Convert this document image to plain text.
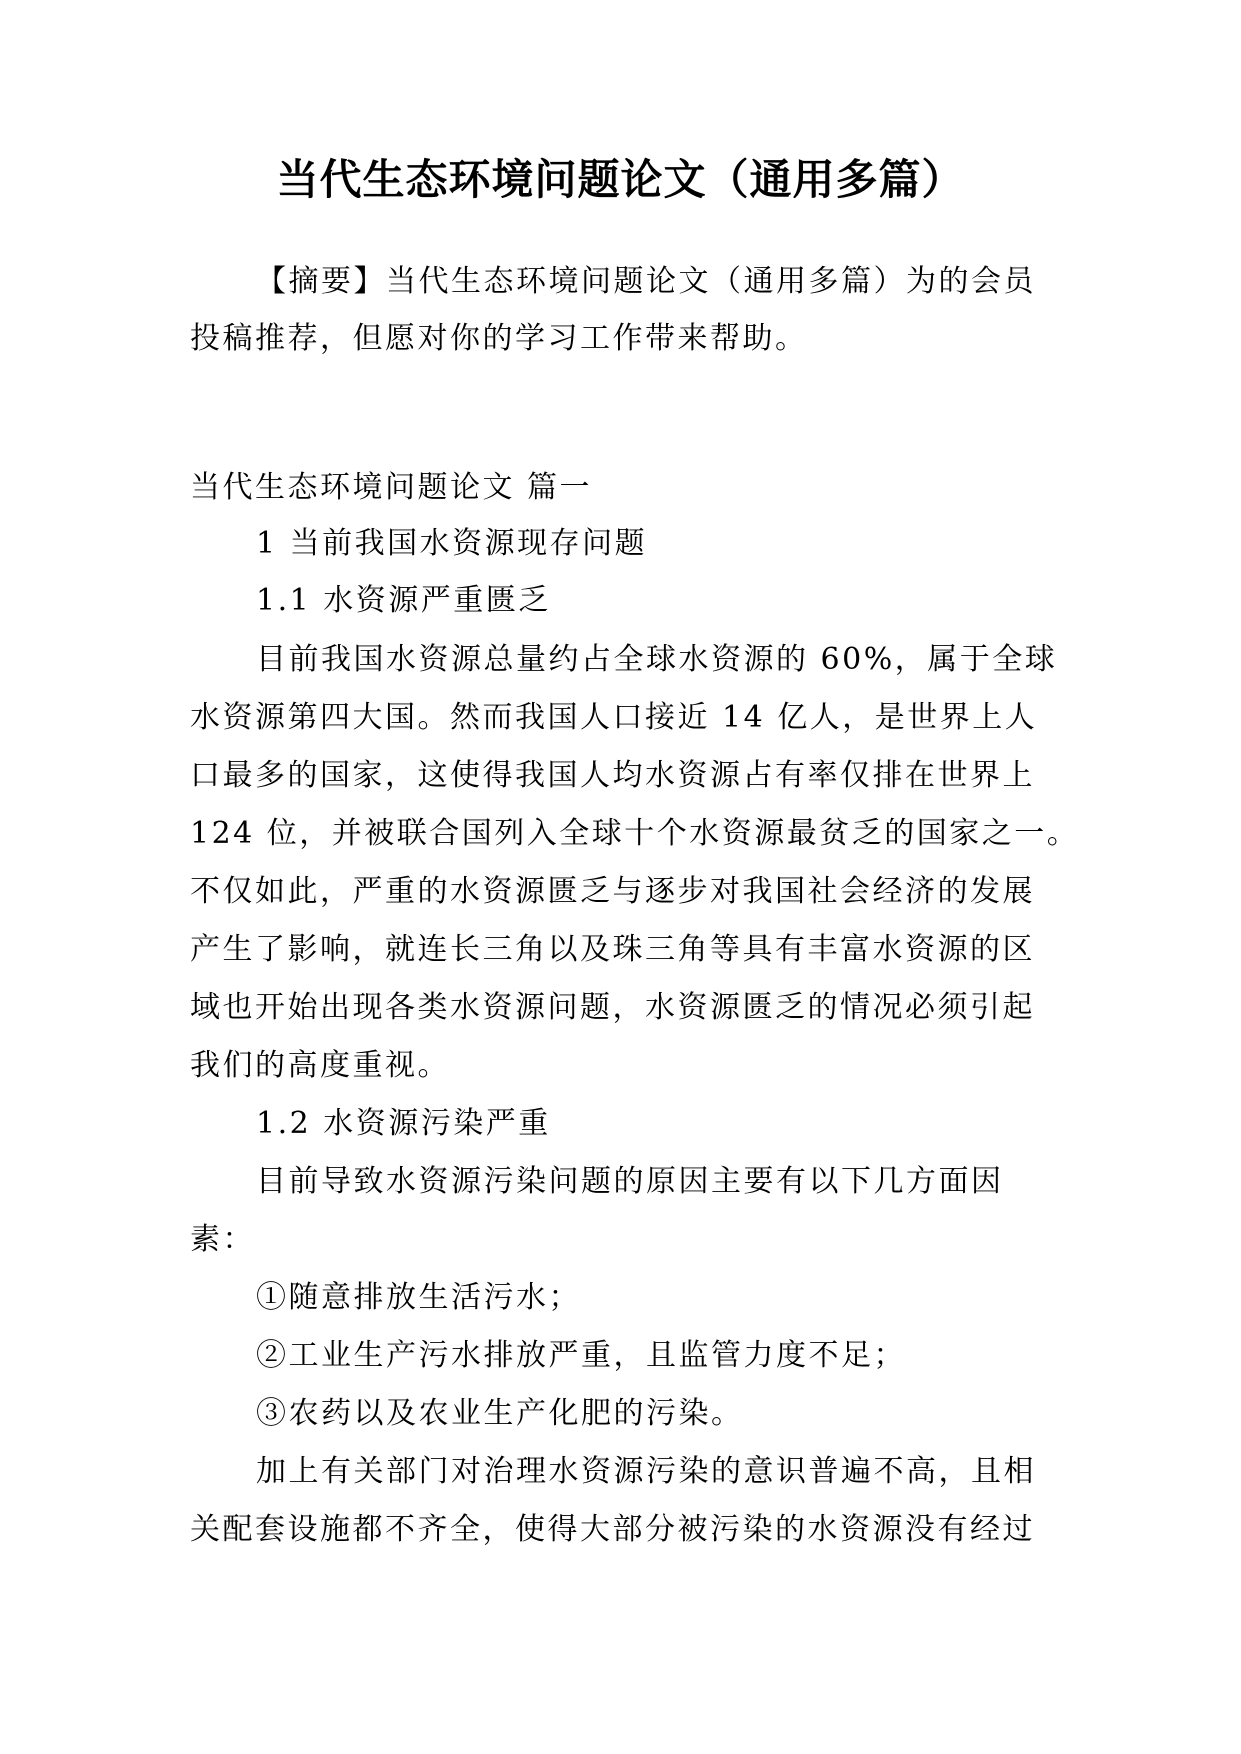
当代生态环境问题论文（通用多篇）

【摘要】当代生态环境问题论文（通用多篇）为的会员

投稿推荐，但愿对你的学习工作带来帮助。

当代生态环境问题论文 篇一

1 当前我国水资源现存问题

1.1 水资源严重匮乏

目前我国水资源总量约占全球水资源的 60%，属于全球

水资源第四大国。然而我国人口接近 14 亿人，是世界上人

口最多的国家，这使得我国人均水资源占有率仅排在世界上

124 位，并被联合国列入全球十个水资源最贫乏的国家之一。

不仅如此，严重的水资源匮乏与逐步对我国社会经济的发展

产生了影响，就连长三角以及珠三角等具有丰富水资源的区

域也开始出现各类水资源问题，水资源匮乏的情况必须引起

我们的高度重视。

1.2 水资源污染严重

目前导致水资源污染问题的原因主要有以下几方面因

素：

①随意排放生活污水；

②工业生产污水排放严重，且监管力度不足；

③农药以及农业生产化肥的污染。

加上有关部门对治理水资源污染的意识普遍不高，且相

关配套设施都不齐全，使得大部分被污染的水资源没有经过
